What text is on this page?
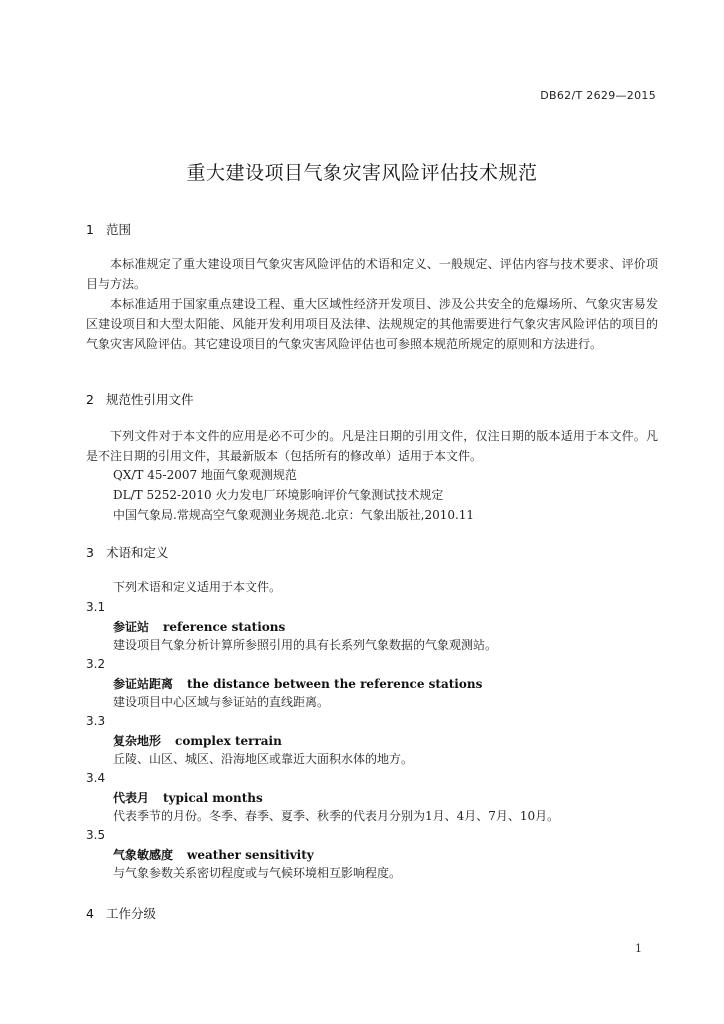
DB62/T 2629—2015
重大建设项目气象灾害风险评估技术规范
1 范围

本标准规定了重大建设项目气象灾害风险评估的术语和定义、一般规定、评估内容与技术要求、评价项目与方法。

本标准适用于国家重点建设工程、重大区域性经济开发项目、涉及公共安全的危爆场所、气象灾害易发区建设项目和大型太阳能、风能开发利用项目及法律、法规规定的其他需要进行气象灾害风险评估的项目的气象灾害风险评估。其它建设项目的气象灾害风险评估也可参照本规范所规定的原则和方法进行。

2 规范性引用文件

下列文件对于本文件的应用是必不可少的。凡是注日期的引用文件，仅注日期的版本适用于本文件。凡是不注日期的引用文件，其最新版本（包括所有的修改单）适用于本文件。

QX/T 45-2007 地面气象观测规范
DL/T 5252-2010 火力发电厂环境影响评价气象测试技术规定
中国气象局.常规高空气象观测业务规范.北京：气象出版社,2010.11
3 术语和定义
下列术语和定义适用于本文件。
3.1
参证站 reference stations
建设项目气象分析计算所参照引用的具有长系列气象数据的气象观测站。
3.2
参证站距离 the distance between the reference stations
建设项目中心区域与参证站的直线距离。
3.3
复杂地形 complex terrain
丘陵、山区、城区、沿海地区或靠近大面积水体的地方。
3.4
代表月 typical months
代表季节的月份。冬季、春季、夏季、秋季的代表月分别为1月、4月、7月、10月。
3.5
气象敏感度 weather sensitivity
与气象参数关系密切程度或与气候环境相互影响程度。
4 工作分级
1
